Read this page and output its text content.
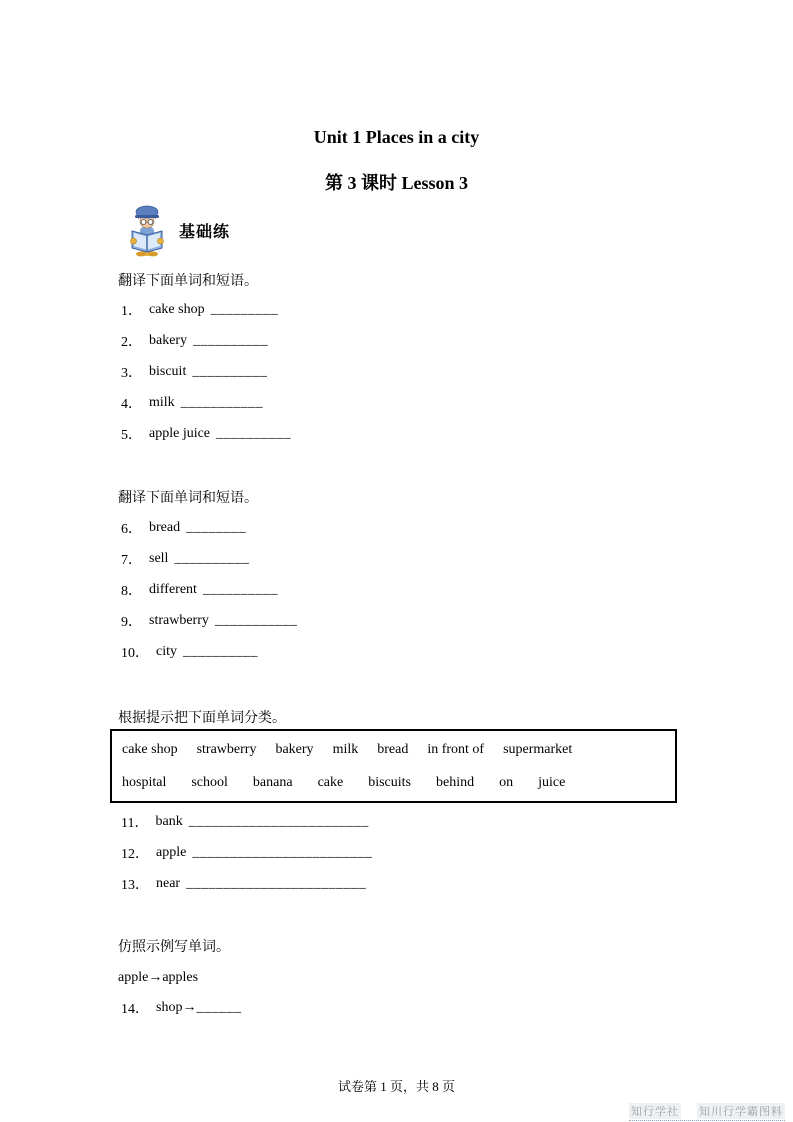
Unit 1 Places in a city
第 3 课时 Lesson 3
基础练
翻译下面单词和短语。
1． cake shop _________
2． bakery __________
3． biscuit __________
4． milk ___________
5． apple juice __________
翻译下面单词和短语。
6． bread ________
7． sell __________
8． different __________
9． strawberry ___________
10． city __________
根据提示把下面单词分类。
cake shop strawberry bakery milk bread in front of supermarket
hospital school banana cake biscuits behind on juice
11． bank ________________________
12． apple ________________________
13． near ________________________
仿照示例写单词。
apple→apples
14． shop→ ______
试卷第 1 页，共 8 页
知行学社 知川行学霸图料
